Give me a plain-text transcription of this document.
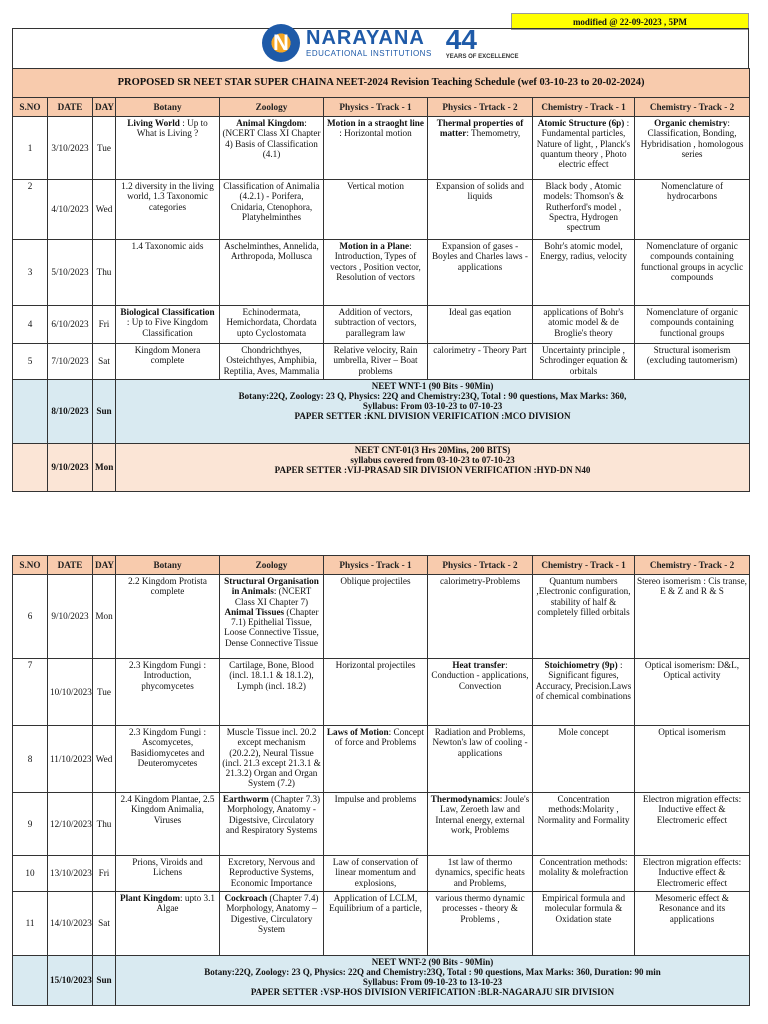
modified @ 22-09-2023 , 5PM
N NARAYANA
EDUCATIONAL INSTITUTIONS 44
YEARS OF EXCELLENCE
PROPOSED SR NEET STAR SUPER CHAINA NEET-2024 Revision Teaching Schedule (wef 03-10-23 to 20-02-2024)								
S.NO	DATE	DAY	Botany	Zoology	Physics - Track - 1	Physics - Trtack - 2	Chemistry - Track - 1	Chemistry - Track - 2
1	3/10/2023	Tue	Living World : Up to What is Living ?	Animal Kingdom: (NCERT Class XI Chapter 4) Basis of Classification (4.1)	Motion in a straoght line : Horizontal motion	Thermal properties of matter: Themometry,	Atomic Structure (6p) : Fundamental particles, Nature of light, , Planck's quantum theory , Photo electric effect	Organic chemistry: Classification, Bonding, Hybridisation , homologous series
2	4/10/2023	Wed	1.2 diversity in the living world, 1.3 Taxonomic categories	Classification of Animalia (4.2.1) - Porifera, Cnidaria, Ctenophora, Platyhelminthes	Vertical motion	Expansion of solids and liquids	Black body , Atomic models: Thomson's & Rutherford's model , Spectra, Hydrogen spectrum	Nomenclature of hydrocarbons
3	5/10/2023	Thu	1.4 Taxonomic aids	Aschelminthes, Annelida, Arthropoda, Mollusca	Motion in a Plane: Introduction, Types of vectors , Position vector, Resolution of vectors	Expansion of gases - Boyles and Charles laws - applications	Bohr's atomic model, Energy, radius, velocity	Nomenclature of organic compounds containing functional groups in acyclic compounds
4	6/10/2023	Fri	Biological Classification : Up to Five Kingdom Classification	Echinodermata, Hemichordata, Chordata upto Cyclostomata	Addition of vectors, subtraction of vectors, parallegram law	Ideal gas eqation	applications of Bohr's atomic model & de Broglie's theory	Nomenclature of organic compounds containing functional groups
5	7/10/2023	Sat	Kingdom Monera complete	Chondrichthyes, Osteichthyes, Amphibia, Reptilia, Aves, Mammalia	Relative velocity, Rain umbrella, River – Boat problems	calorimetry - Theory Part	Uncertainty principle , Schrodinger equation & orbitals	Structural isomerism (excluding tautomerism)
	8/10/2023	Sun	NEET WNT-1 (90 Bits - 90Min)
Botany:22Q, Zoology: 23 Q, Physics: 22Q and Chemistry:23Q, Total : 90 questions, Max Marks: 360,
Syllabus: From 03-10-23 to 07-10-23
PAPER SETTER :KNL DIVISION VERIFICATION :MCO DIVISION					

	9/10/2023	Mon	NEET CNT-01(3 Hrs 20Mins, 200 BITS)
syllabus covered from 03-10-23 to 07-10-23
PAPER SETTER :VIJ-PRASAD SIR DIVISION VERIFICATION :HYD-DN N40					
S.NO	DATE	DAY	Botany	Zoology	Physics - Track - 1	Physics - Trtack - 2	Chemistry - Track - 1	Chemistry - Track - 2
6	9/10/2023	Mon	2.2 Kingdom Protista complete	Structural Organisation in Animals: (NCERT Class XI Chapter 7) Animal Tissues (Chapter 7.1) Epithelial Tissue, Loose Connective Tissue, Dense Connective Tissue	Oblique projectiles	calorimetry-Problems	Quantum numbers ,Electronic configuration, stability of half & completely filled orbitals	Stereo isomerism : Cis transe, E & Z and R & S
7	10/10/2023	Tue	2.3 Kingdom Fungi : Introduction, phycomycetes	Cartilage, Bone, Blood (incl. 18.1.1 & 18.1.2), Lymph (incl. 18.2)	Horizontal projectiles	Heat transfer: Conduction - applications, Convection	Stoichiometry (9p) : Significant figures, Accuracy, Precision.Laws of chemical combinations	Optical isomerism: D&L, Optical activity
8	11/10/2023	Wed	2.3 Kingdom Fungi : Ascomycetes, Basidiomycetes and Deuteromycetes	Muscle Tissue incl. 20.2 except mechanism (20.2.2), Neural Tissue (incl. 21.3 except 21.3.1 & 21.3.2) Organ and Organ System (7.2)	Laws of Motion: Concept of force and Problems	Radiation and Problems, Newton's law of cooling - applications	Mole concept	Optical isomerism
9	12/10/2023	Thu	2.4 Kingdom Plantae, 2.5 Kingdom Animalia, Viruses	Earthworm (Chapter 7.3) Morphology, Anatomy - Digestsive, Circulatory and Respiratory Systems	Impulse and problems	Thermodynamics: Joule's Law, Zeroeth law and Internal energy, external work, Problems	Concentration methods:Molarity , Normality and Formality	Electron migration effects: Inductive effect & Electromeric effect
10	13/10/2023	Fri	Prions, Viroids and Lichens	Excretory, Nervous and Reproductive Systems, Economic Importance	Law of conservation of linear momentum and explosions,	1st law of thermo dynamics, specific heats and Problems,	Concentration methods: molality & molefraction	Electron migration effects: Inductive effect & Electromeric effect
11	14/10/2023	Sat	Plant Kingdom: upto 3.1 Algae	Cockroach (Chapter 7.4) Morphology, Anatomy – Digestive, Circulatory System	Application of LCLM, Equilibrium of a particle,	various thermo dynamic processes - theory & Problems ,	Empirical formula and molecular formula & Oxidation state	Mesomeric effect & Resonance and its applications
	15/10/2023	Sun	NEET WNT-2 (90 Bits - 90Min)
Botany:22Q, Zoology: 23 Q, Physics: 22Q and Chemistry:23Q, Total : 90 questions, Max Marks: 360, Duration: 90 min
Syllabus: From 09-10-23 to 13-10-23
PAPER SETTER :VSP-HOS DIVISION VERIFICATION :BLR-NAGARAJU SIR DIVISION					
